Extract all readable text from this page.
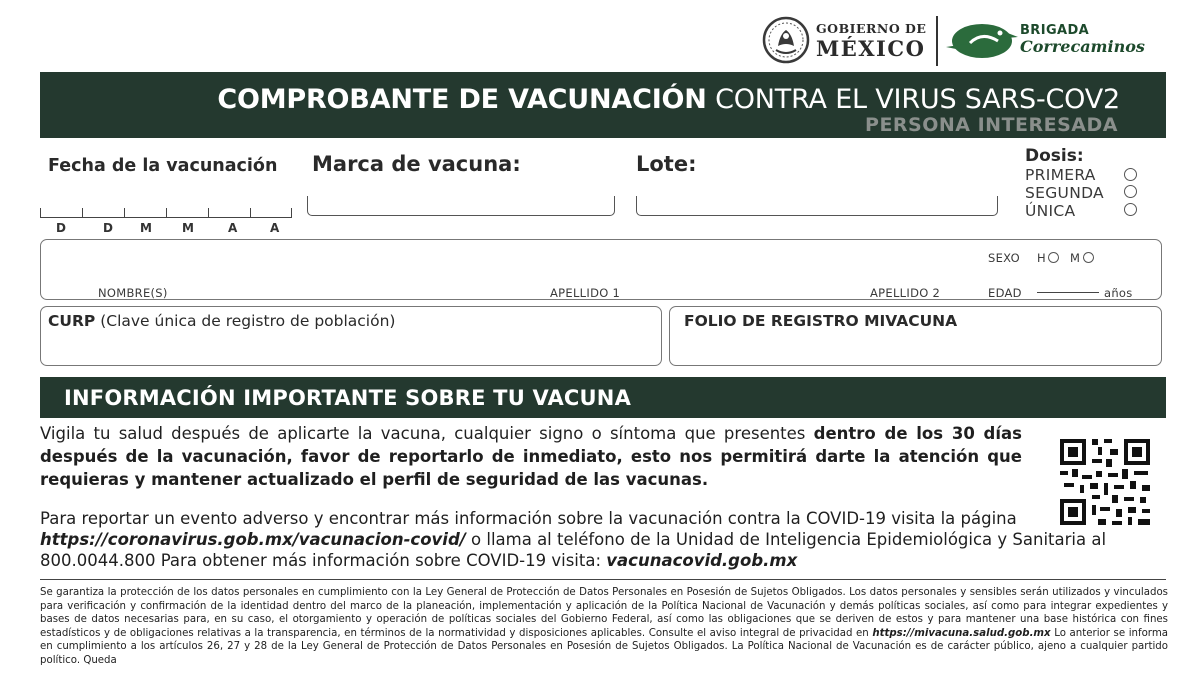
GOBIERNO DE
MÉXICO
BRIGADA
Correcaminos
COMPROBANTE DE VACUNACIÓN CONTRA EL VIRUS SARS-COV2
PERSONA INTERESADA
Fecha de la vacunación
D	D M M	A	A
Marca de vacuna:	Lote:	Dosis:
PRIMERA
SEGUNDA
ÚNICA
SEXO H M
NOMBRE(S)	APELLIDO 1	APELLIDO 2	EDAD	años
CURP (Clave única de registro de población)	FOLIO DE REGISTRO MIVACUNA
INFORMACIÓN IMPORTANTE SOBRE TU VACUNA
Vigila tu salud después de aplicarte la vacuna, cualquier signo o síntoma que presentes dentro de los 30 días después de la vacunación, favor de reportarlo de inmediato, esto nos permitirá darte la atención que requieras y mantener actualizado el perfil de seguridad de las vacunas.
Para reportar un evento adverso y encontrar más información sobre la vacunación contra la COVID-19 visita la página https://coronavirus.gob.mx/vacunacion-covid/ o llama al teléfono de la Unidad de Inteligencia Epidemiológica y Sanitaria al 800.0044.800 Para obtener más información sobre COVID-19 visita: vacunacovid.gob.mx
Se garantiza la protección de los datos personales en cumplimiento con la Ley General de Protección de Datos Personales en Posesión de Sujetos Obligados. Los datos personales y sensibles serán utilizados y vinculados para verificación y confirmación de la identidad dentro del marco de la planeación, implementación y aplicación de la Política Nacional de Vacunación y demás políticas sociales, así como para integrar expedientes y bases de datos necesarias para, en su caso, el otorgamiento y operación de políticas sociales del Gobierno Federal, así como las obligaciones que se deriven de estos y para mantener una base histórica con fines estadísticos y de obligaciones relativas a la transparencia, en términos de la normatividad y disposiciones aplicables. Consulte el aviso integral de privacidad en https://mivacuna.salud.gob.mx Lo anterior se informa en cumplimiento a los artículos 26, 27 y 28 de la Ley General de Protección de Datos Personales en Posesión de Sujetos Obligados. La Política Nacional de Vacunación es de carácter público, ajeno a cualquier partido político. Queda
